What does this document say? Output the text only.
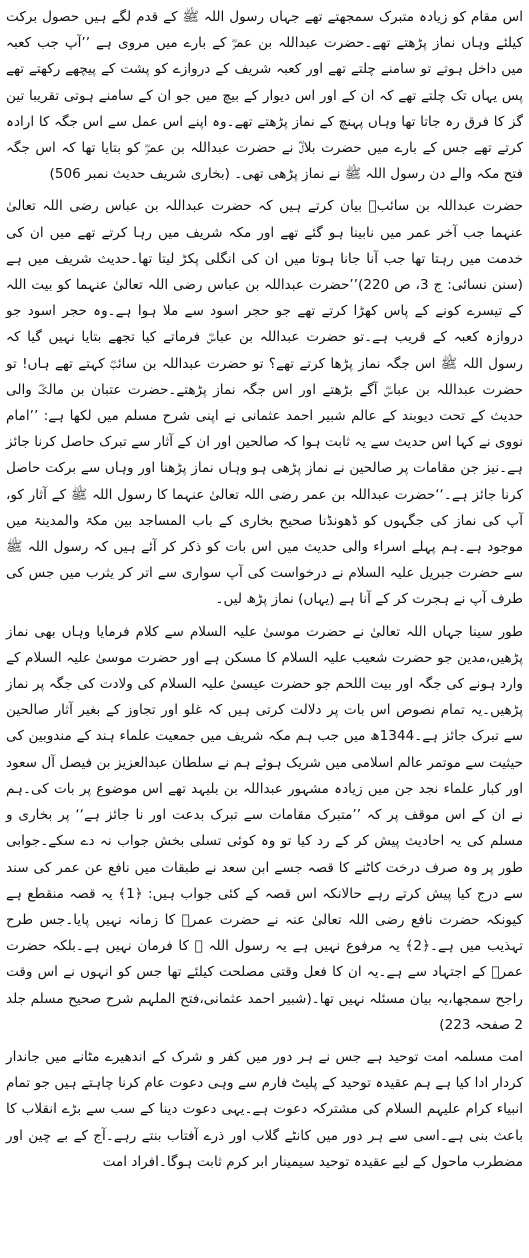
اس مقام کو زیادہ متبرک سمجھتے تھے جہاں رسول اللہ ﷺ کے قدم لگے ہیں حصول برکت کیلئے وہاں نماز پڑھتے تھے۔حضرت عبداللہ بن عمرؓ کے بارے میں مروی ہے ’’آپ جب کعبہ میں داخل ہوتے تو سامنے چلتے تھے اور کعبہ شریف کے دروازے کو پشت کے پیچھے رکھتے تھے پس یہاں تک چلتے تھے کہ ان کے اور اس دیوار کے بیچ میں جو ان کے سامنے ہوتی تقریبا تین گز کا فرق رہ جاتا تھا وہاں پہنچ کے نماز پڑھتے تھے۔وہ اپنے اس عمل سے اس جگہ کا ارادہ کرتے تھے جس کے بارے میں حضرت بلالؓ نے حضرت عبداللہ بن عمرؓ کو بتایا تھا کہ اس جگہ فتح مکہ والے دن رسول اللہ ﷺ نے نماز پڑھی تھی۔ (بخاری شریف حدیث نمبر 506)

حضرت عبداللہ بن سائبؓ بیان کرتے ہیں کہ حضرت عبداللہ بن عباس رضی اللہ تعالیٰ عنہما جب آخر عمر میں نابینا ہو گئے تھے اور مکہ شریف میں رہا کرتے تھے میں ان کی خدمت میں رہتا تھا جب آنا جانا ہوتا میں ان کی انگلی پکڑ لیتا تھا۔حدیث شریف میں ہے (سنن نسائی: ج 3، ص 220)’’حضرت عبداللہ بن عباس رضی اللہ تعالیٰ عنہما کو بیت اللہ کے تیسرے کونے کے پاس کھڑا کرتے تھے جو حجر اسود سے ملا ہوا ہے۔وہ حجر اسود جو دروازہ کعبہ کے قریب ہے۔تو حضرت عبداللہ بن عباسؓ فرماتے کیا تجھے بتایا نہیں گیا کہ رسول اللہ ﷺ اس جگہ نماز پڑھا کرتے تھے؟ تو حضرت عبداللہ بن سائبؓ کہتے تھے ہاں! تو حضرت عبداللہ بن عباسؓ آگے بڑھتے اور اس جگہ نماز پڑھتے۔حضرت عتبان بن مالکؓ والی حدیث کے تحت دیوبند کے عالم شبیر احمد عثمانی نے اپنی شرح مسلم میں لکھا ہے: ’’امام نووی نے کہا اس حدیث سے یہ ثابت ہوا کہ صالحین اور ان کے آثار سے تبرک حاصل کرنا جائز ہے۔نیز جن مقامات پر صالحین نے نماز پڑھی ہو وہاں نماز پڑھنا اور وہاں سے برکت حاصل کرنا جائز ہے۔‘‘حضرت عبداللہ بن عمر رضی اللہ تعالیٰ عنہما کا رسول اللہ ﷺ کے آثار کو، آپ کی نماز کی جگہوں کو ڈھونڈنا صحیح بخاری کے باب المساجد بین مکۃ والمدینۃ میں موجود ہے۔ہم پہلے اسراء والی حدیث میں اس بات کو ذکر کر آئے ہیں کہ رسول اللہ ﷺ سے حضرت جبریل علیہ السلام نے درخواست کی آپ سواری سے اتر کر یثرب میں جس کی طرف آپ نے ہجرت کر کے آنا ہے (یہاں) نماز پڑھ لیں۔

طور سینا جہاں اللہ تعالیٰ نے حضرت موسیٰ علیہ السلام سے کلام فرمایا وہاں بھی نماز پڑھیں،مدین جو حضرت شعیب علیہ السلام کا مسکن ہے اور حضرت موسیٰ علیہ السلام کے وارد ہونے کی جگہ اور بیت اللحم جو حضرت عیسیٰ علیہ السلام کی ولادت کی جگہ پر نماز پڑھیں۔یہ تمام نصوص اس بات پر دلالت کرتی ہیں کہ غلو اور تجاوز کے بغیر آثار صالحین سے تبرک جائز ہے۔1344ھ میں جب ہم مکہ شریف میں جمعیت علماء ہند کے مندوبین کی حیثیت سے موتمر عالم اسلامی میں شریک ہوئے ہم نے سلطان عبدالعزیز بن فیصل آل سعود اور کبار علماء نجد جن میں زیادہ مشہور عبداللہ بن بلیہد تھے اس موضوع پر بات کی۔ہم نے ان کے اس موقف پر کہ ’’متبرک مقامات سے تبرک بدعت اور نا جائز ہے‘‘ پر بخاری و مسلم کی یہ احادیث پیش کر کے رد کیا تو وہ کوئی تسلی بخش جواب نہ دے سکے۔جوابی طور پر وہ صرف درخت کاٹنے کا قصہ جسے ابن سعد نے طبقات میں نافع عن عمر کی سند سے درج کیا پیش کرتے رہے حالانکہ اس قصہ کے کئی جواب ہیں: ﴿1﴾ یہ قصہ منقطع ہے کیونکہ حضرت نافع رضی اللہ تعالیٰ عنہ نے حضرت عمرؓ کا زمانہ نہیں پایا۔جس طرح تہذیب میں ہے۔﴿2﴾ یہ مرفوع نہیں ہے یہ رسول اللہ ﷺ کا فرمان نہیں ہے۔بلکہ حضرت عمرؓ کے اجتہاد سے ہے۔یہ ان کا فعل وقتی مصلحت کیلئے تھا جس کو انہوں نے اس وقت راجح سمجھا،یہ بیان مسئلہ نہیں تھا۔(شبیر احمد عثمانی،فتح الملہم شرح صحیح مسلم جلد 2 صفحہ 223)

امت مسلمہ امت توحید ہے جس نے ہر دور میں کفر و شرک کے اندھیرے مٹانے میں جاندار کردار ادا کیا ہے ہم عقیدہ توحید کے پلیٹ فارم سے وہی دعوت عام کرنا چاہتے ہیں جو تمام انبیاء کرام علیہم السلام کی مشترکہ دعوت ہے۔یہی دعوت دینا کے سب سے بڑے انقلاب کا باعث بنی ہے۔اسی سے ہر دور میں کانٹے گلاب اور ذرے آفتاب بنتے رہے۔آج کے بے چین اور مضطرب ماحول کے لیے عقیدہ توحید سیمینار ابر کرم ثابت ہوگا۔افراد امت
